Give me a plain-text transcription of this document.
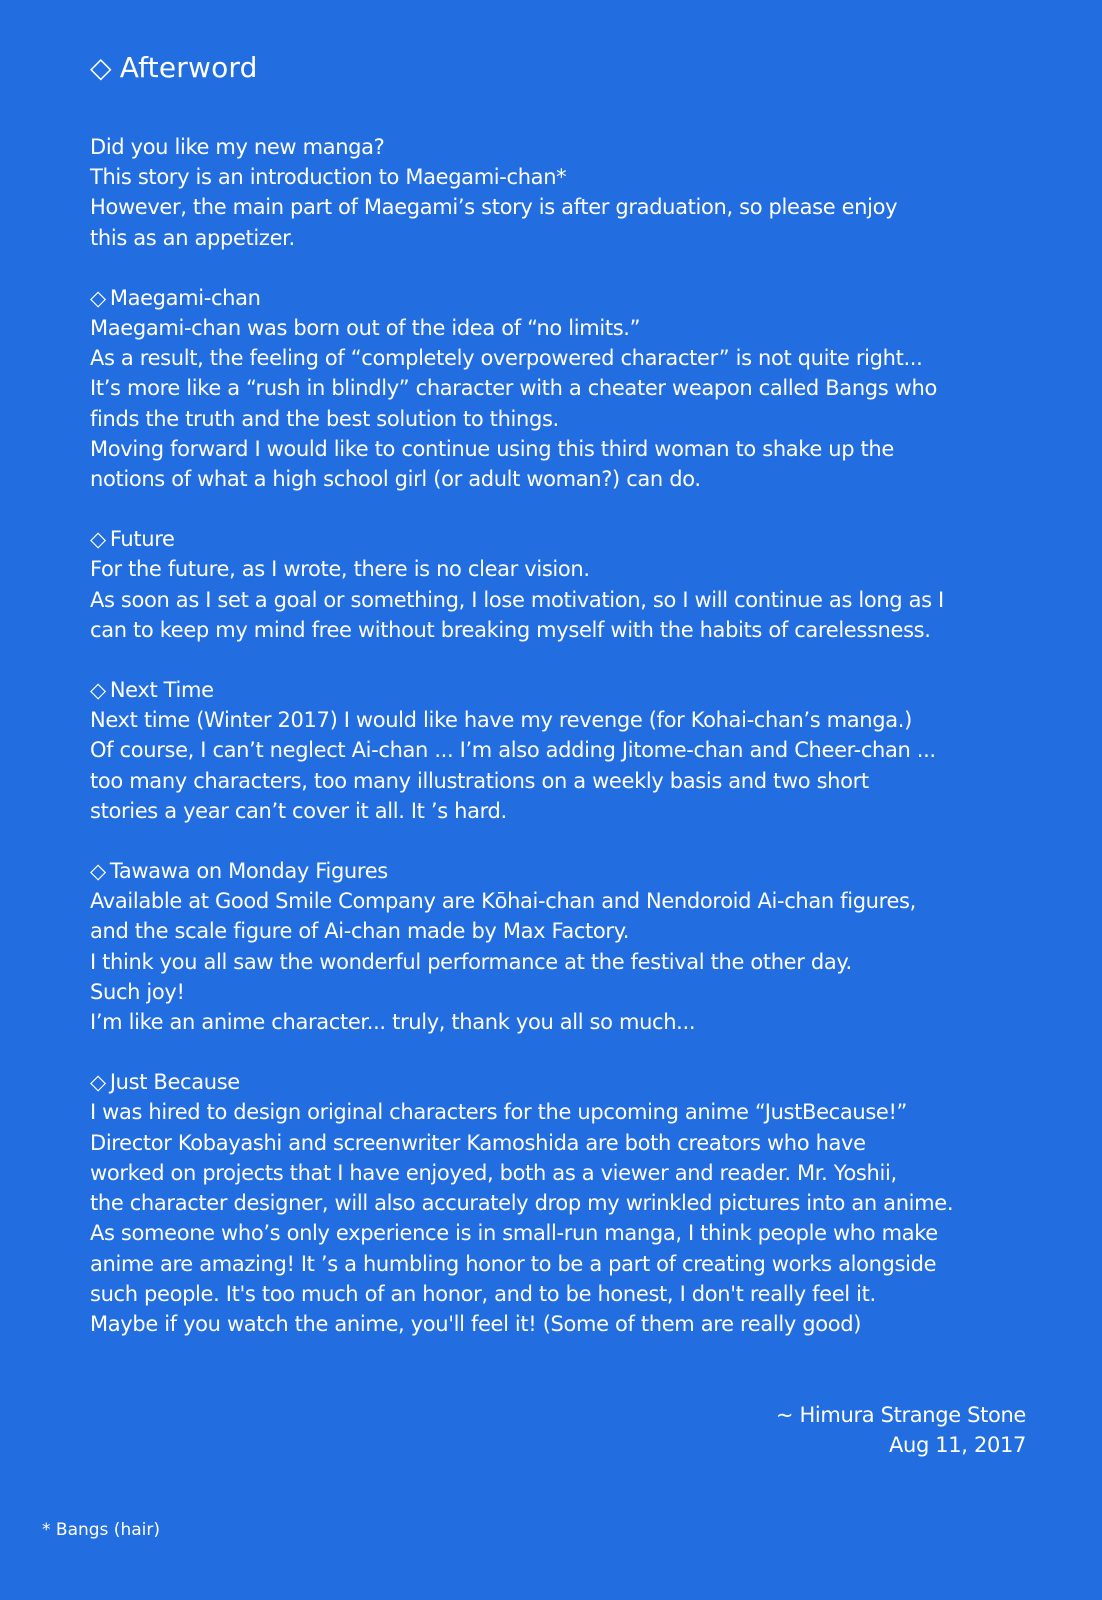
◇ Afterword
Did you like my new manga?
This story is an introduction to Maegami-chan*
However, the main part of Maegami’s story is after graduation, so please enjoy
this as an appetizer.
◇ Maegami-chan
Maegami-chan was born out of the idea of “no limits.”
As a result, the feeling of “completely overpowered character” is not quite right...
It’s more like a “rush in blindly” character with a cheater weapon called Bangs who
finds the truth and the best solution to things.
Moving forward I would like to continue using this third woman to shake up the
notions of what a high school girl (or adult woman?) can do.
◇ Future
For the future, as I wrote, there is no clear vision.
As soon as I set a goal or something, I lose motivation, so I will continue as long as I
can to keep my mind free without breaking myself with the habits of carelessness.
◇ Next Time
Next time (Winter 2017) I would like have my revenge (for Kohai-chan’s manga.)
Of course, I can’t neglect Ai-chan ... I’m also adding Jitome-chan and Cheer-chan ...
too many characters, too many illustrations on a weekly basis and two short
stories a year can’t cover it all. It ’s hard.
◇ Tawawa on Monday Figures
Available at Good Smile Company are Kōhai-chan and Nendoroid Ai-chan figures,
and the scale figure of Ai-chan made by Max Factory.
I think you all saw the wonderful performance at the festival the other day.
Such joy!
I’m like an anime character... truly, thank you all so much...
◇ Just Because
I was hired to design original characters for the upcoming anime “JustBecause!”
Director Kobayashi and screenwriter Kamoshida are both creators who have
worked on projects that I have enjoyed, both as a viewer and reader. Mr. Yoshii,
the character designer, will also accurately drop my wrinkled pictures into an anime.
As someone who’s only experience is in small-run manga, I think people who make
anime are amazing! It ’s a humbling honor to be a part of creating works alongside
such people. It's too much of an honor, and to be honest, I don't really feel it.
Maybe if you watch the anime, you'll feel it! (Some of them are really good)
~ Himura Strange Stone
Aug 11, 2017
* Bangs (hair)
